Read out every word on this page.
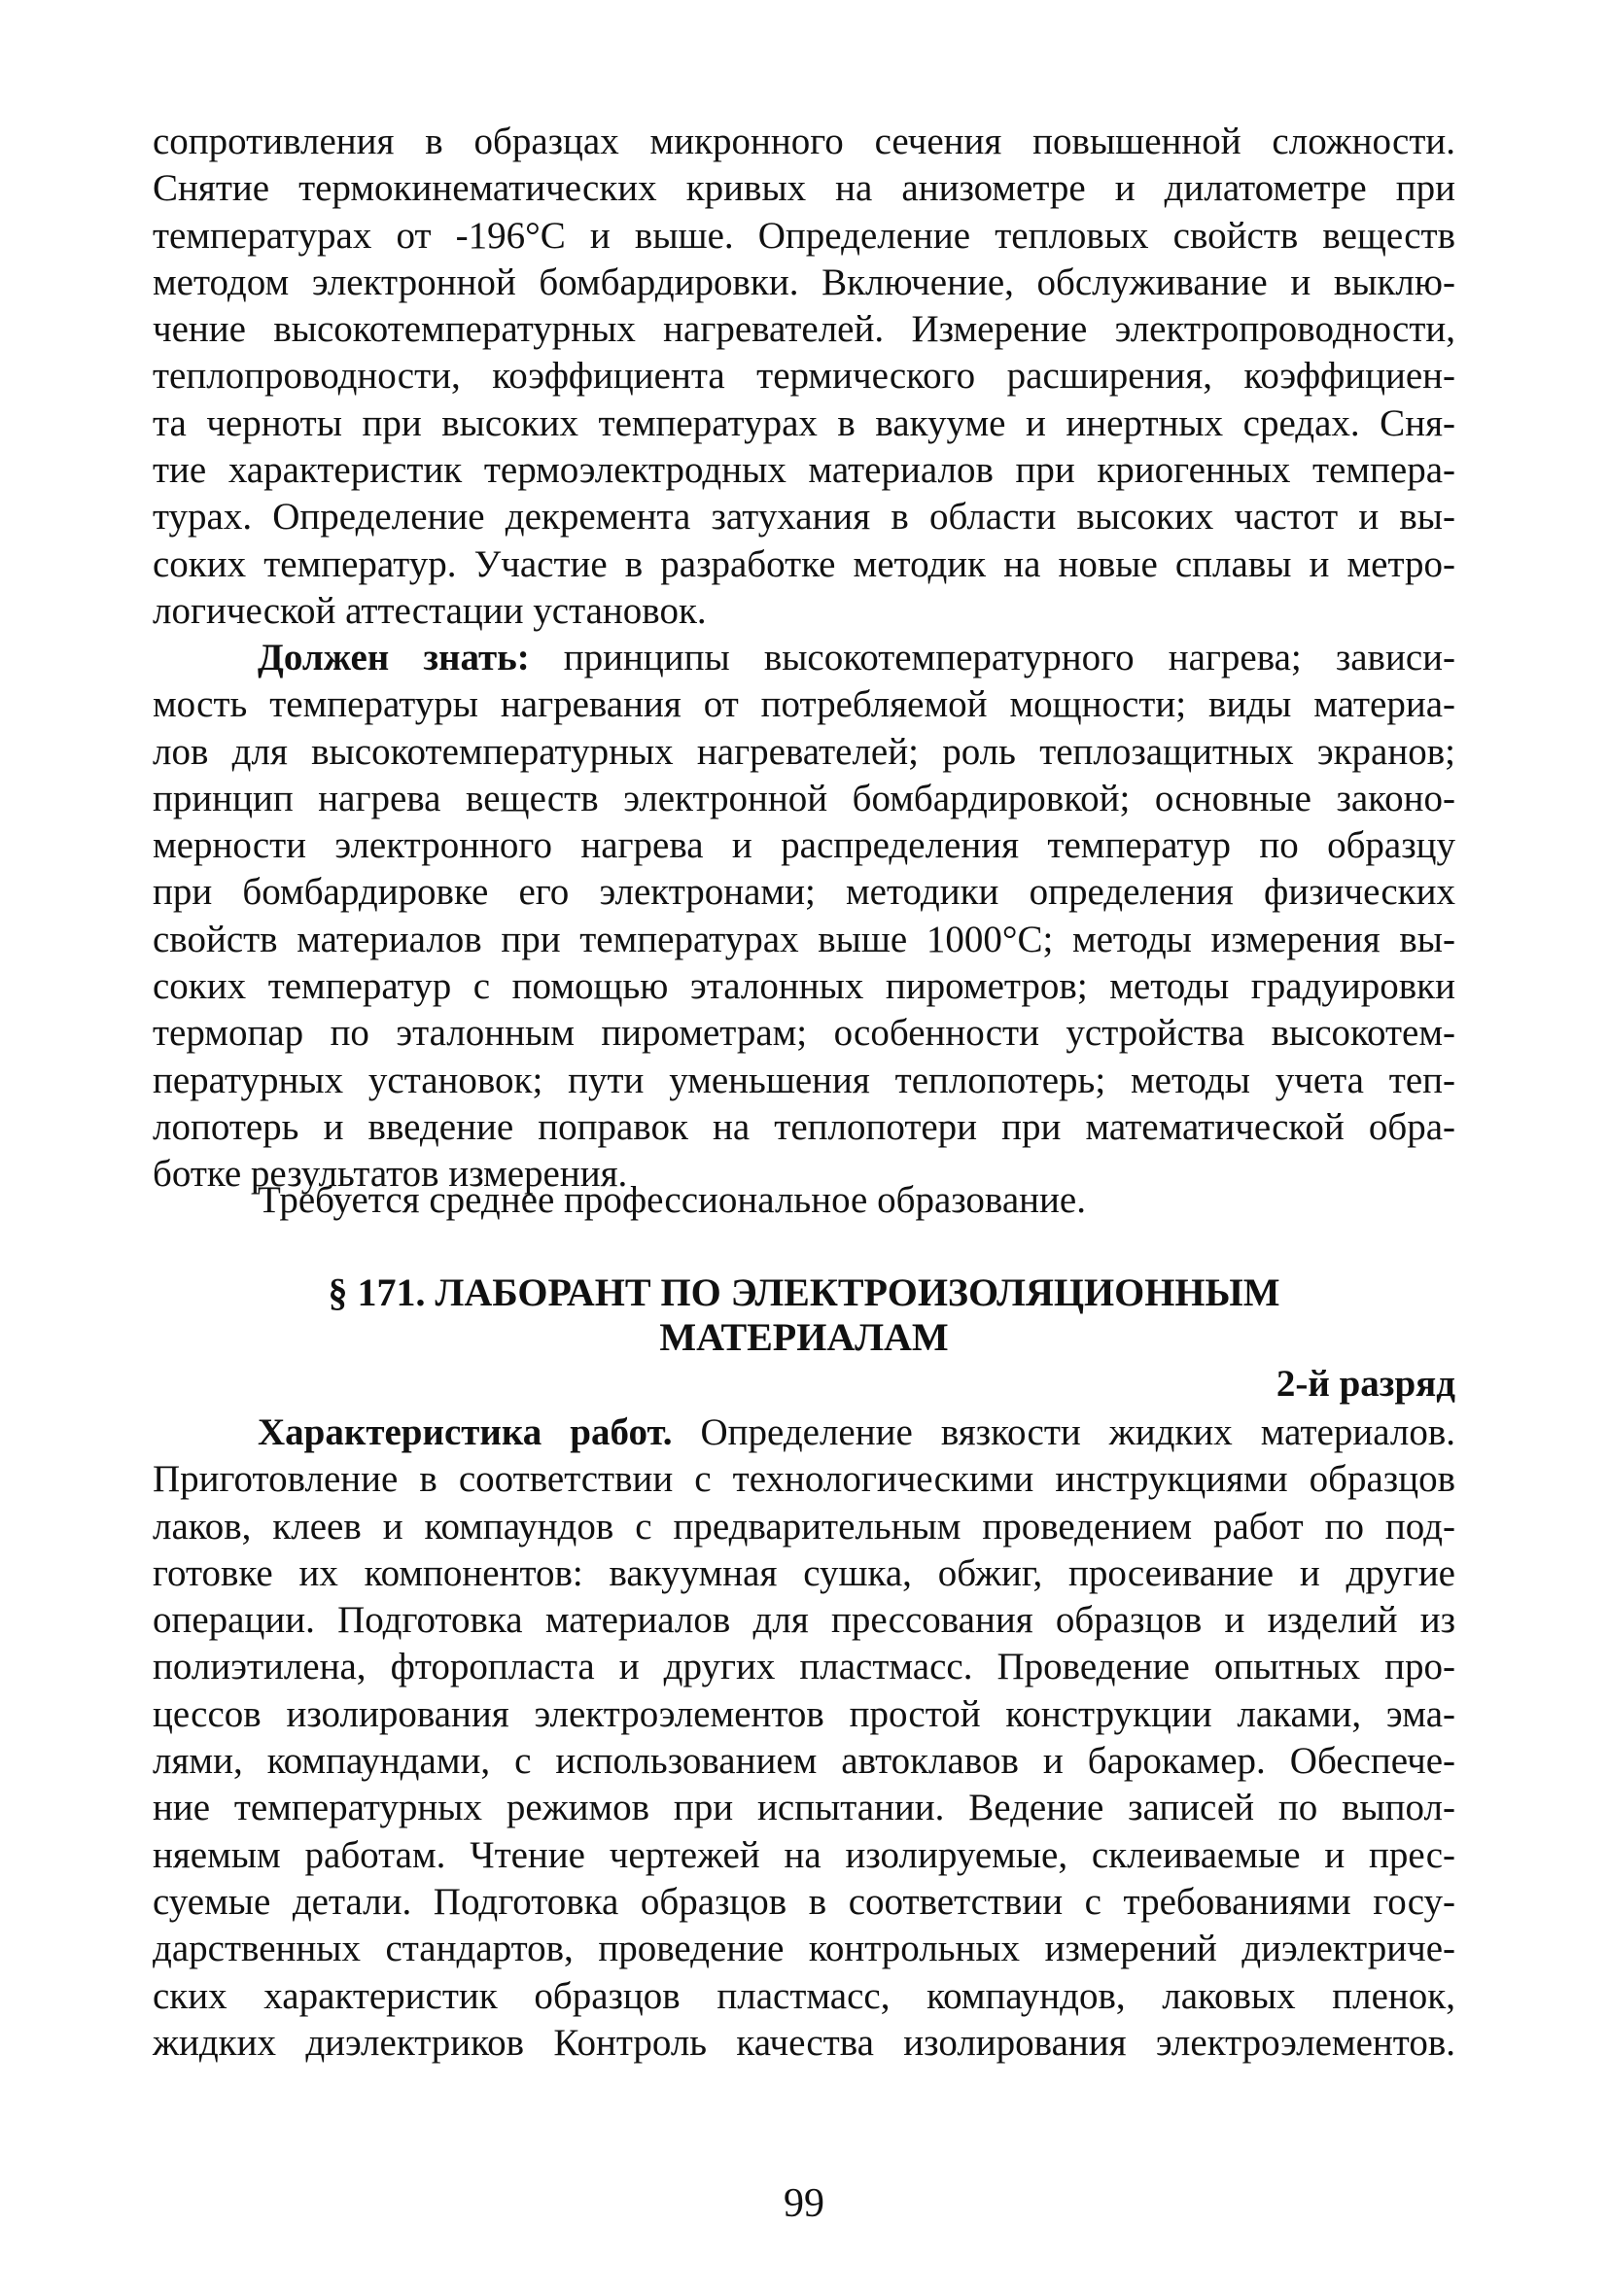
сопротивления в образцах микронного сечения повышенной сложности.
Снятие термокинематических кривых на анизометре и дилатометре при
температурах от -196°С и выше. Определение тепловых свойств веществ
методом электронной бомбардировки. Включение, обслуживание и выклю-
чение высокотемпературных нагревателей. Измерение электропроводности,
теплопроводности, коэффициента термического расширения, коэффициен-
та черноты при высоких температурах в вакууме и инертных средах. Сня-
тие характеристик термоэлектродных материалов при криогенных темпера-
турах. Определение декремента затухания в области высоких частот и вы-
соких температур. Участие в разработке методик на новые сплавы и метро-
логической аттестации установок.
Должен знать: принципы высокотемпературного нагрева; зависи-
мость температуры нагревания от потребляемой мощности; виды материа-
лов для высокотемпературных нагревателей; роль теплозащитных экранов;
принцип нагрева веществ электронной бомбардировкой; основные законо-
мерности электронного нагрева и распределения температур по образцу
при бомбардировке его электронами; методики определения физических
свойств материалов при температурах выше 1000°С; методы измерения вы-
соких температур с помощью эталонных пирометров; методы градуировки
термопар по эталонным пирометрам; особенности устройства высокотем-
пературных установок; пути уменьшения теплопотерь; методы учета теп-
лопотерь и введение поправок на теплопотери при математической обра-
ботке результатов измерения.
Требуется среднее профессиональное образование.
§ 171. ЛАБОРАНТ ПО ЭЛЕКТРОИЗОЛЯЦИОННЫМ
МАТЕРИАЛАМ
2-й разряд
Характеристика работ. Определение вязкости жидких материалов.
Приготовление в соответствии с технологическими инструкциями образцов
лаков, клеев и компаундов с предварительным проведением работ по под-
готовке их компонентов: вакуумная сушка, обжиг, просеивание и другие
операции. Подготовка материалов для прессования образцов и изделий из
полиэтилена, фторопласта и других пластмасс. Проведение опытных про-
цессов изолирования электроэлементов простой конструкции лаками, эма-
лями, компаундами, с использованием автоклавов и барокамер. Обеспече-
ние температурных режимов при испытании. Ведение записей по выпол-
няемым работам. Чтение чертежей на изолируемые, склеиваемые и прес-
суемые детали. Подготовка образцов в соответствии с требованиями госу-
дарственных стандартов, проведение контрольных измерений диэлектриче-
ских характеристик образцов пластмасс, компаундов, лаковых пленок,
жидких диэлектриков Контроль качества изолирования электроэлементов.
99
